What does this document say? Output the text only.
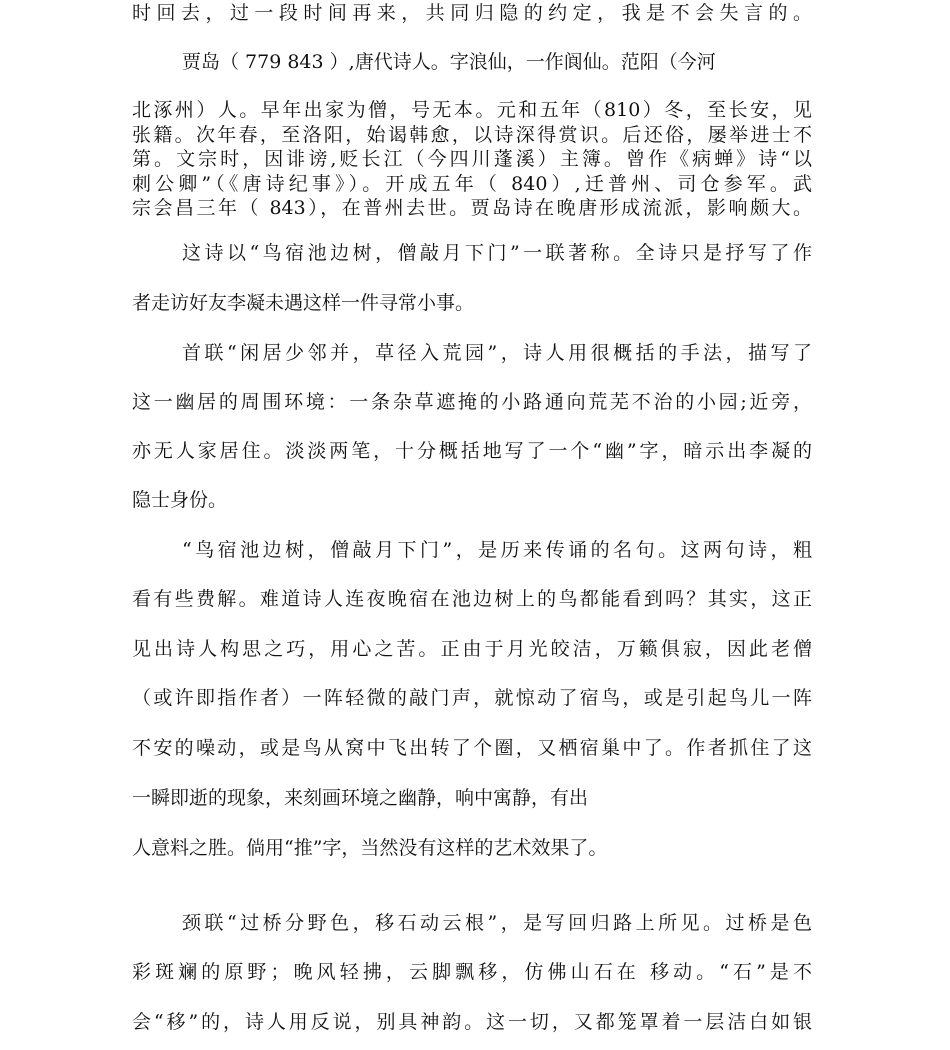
时回去，过一段时间再来，共同归隐的约定，我是不会失言的。
贾岛（ 779 843 ）,唐代诗人。字浪仙，一作阆仙。范阳（今河
北涿州）人。早年出家为僧，号无本。元和五年（810）冬，至长安，见
张籍。次年春，至洛阳，始谒韩愈，以诗深得赏识。后还俗，屡举进士不
第。文宗时，因诽谤,贬长江（今四川蓬溪）主簿。曾作《病蝉》诗“以
刺公卿”（《唐诗纪事》）。开成五年（ 840）,迁普州、司仓参军。武
宗会昌三年（ 843），在普州去世。贾岛诗在晚唐形成流派，影响颇大。
这诗以“鸟宿池边树，僧敲月下门”一联著称。全诗只是抒写了作
者走访好友李凝未遇这样一件寻常小事。
首联“闲居少邻并，草径入荒园”，诗人用很概括的手法，描写了
这一幽居的周围环境：一条杂草遮掩的小路通向荒芜不治的小园;近旁，
亦无人家居住。淡淡两笔，十分概括地写了一个“幽”字，暗示出李凝的
隐士身份。
“鸟宿池边树，僧敲月下门”，是历来传诵的名句。这两句诗，粗
看有些费解。难道诗人连夜晚宿在池边树上的鸟都能看到吗？其实，这正
见出诗人构思之巧，用心之苦。正由于月光皎洁，万籁俱寂，因此老僧
（或许即指作者）一阵轻微的敲门声，就惊动了宿鸟，或是引起鸟儿一阵
不安的噪动，或是鸟从窝中飞出转了个圈，又栖宿巢中了。作者抓住了这
一瞬即逝的现象，来刻画环境之幽静，响中寓静，有出
人意料之胜。倘用“推”字，当然没有这样的艺术效果了。
颈联“过桥分野色，移石动云根”，是写回归路上所见。过桥是色
彩斑斓的原野；晚风轻拂，云脚飘移，仿佛山石在 移动。“石”是不
会“移”的，诗人用反说，别具神韵。这一切，又都笼罩着一层洁白如银
